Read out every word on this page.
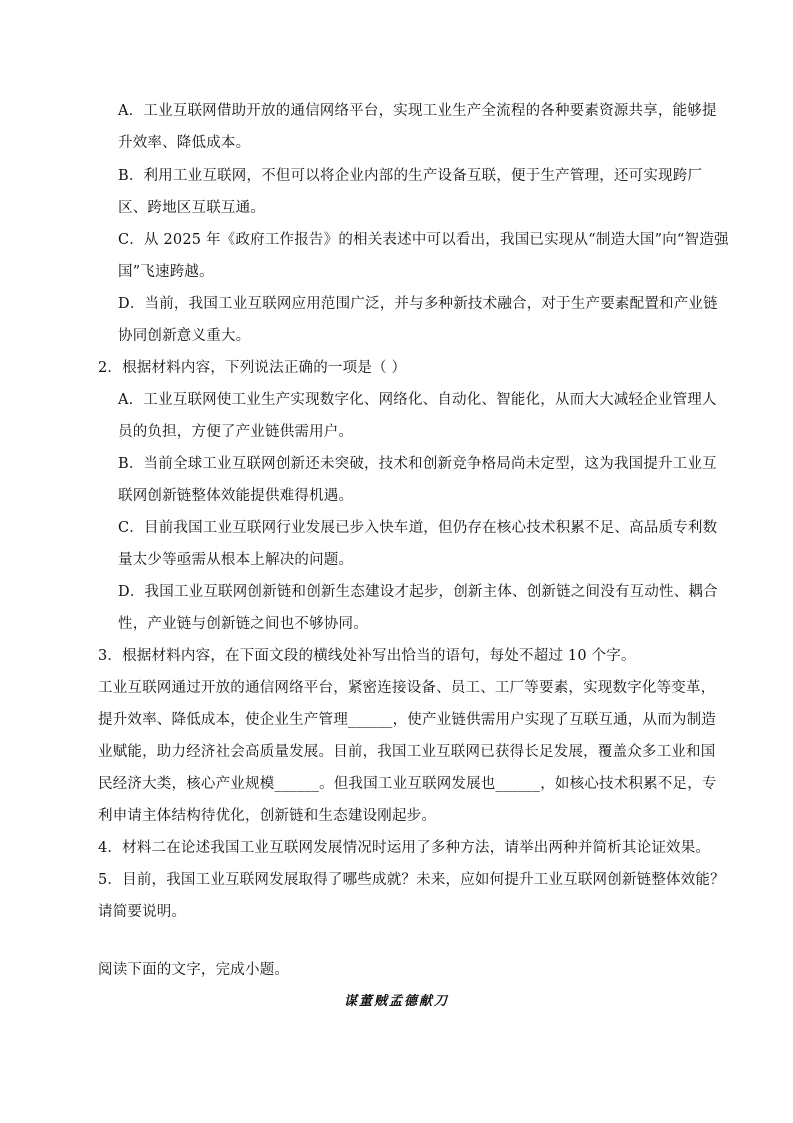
A．工业互联网借助开放的通信网络平台，实现工业生产全流程的各种要素资源共享，能够提
升效率、降低成本。
B．利用工业互联网，不但可以将企业内部的生产设备互联，便于生产管理，还可实现跨厂
区、跨地区互联互通。
C．从 2025 年《政府工作报告》的相关表述中可以看出，我国已实现从“制造大国”向“智造强
国”飞速跨越。
D．当前，我国工业互联网应用范围广泛，并与多种新技术融合，对于生产要素配置和产业链
协同创新意义重大。
2．根据材料内容，下列说法正确的一项是（ ）
A．工业互联网使工业生产实现数字化、网络化、自动化、智能化，从而大大减轻企业管理人
员的负担，方便了产业链供需用户。
B．当前全球工业互联网创新还未突破，技术和创新竞争格局尚未定型，这为我国提升工业互
联网创新链整体效能提供难得机遇。
C．目前我国工业互联网行业发展已步入快车道，但仍存在核心技术积累不足、高品质专利数
量太少等亟需从根本上解决的问题。
D．我国工业互联网创新链和创新生态建设才起步，创新主体、创新链之间没有互动性、耦合
性，产业链与创新链之间也不够协同。
3．根据材料内容，在下面文段的横线处补写出恰当的语句，每处不超过 10 个字。
工业互联网通过开放的通信网络平台，紧密连接设备、员工、工厂等要素，实现数字化等变革，
提升效率、降低成本，使企业生产管理______，使产业链供需用户实现了互联互通，从而为制造
业赋能，助力经济社会高质量发展。目前，我国工业互联网已获得长足发展，覆盖众多工业和国
民经济大类，核心产业规模______。但我国工业互联网发展也______，如核心技术积累不足，专
利申请主体结构待优化，创新链和生态建设刚起步。
4．材料二在论述我国工业互联网发展情况时运用了多种方法，请举出两种并简析其论证效果。
5．目前，我国工业互联网发展取得了哪些成就？未来，应如何提升工业互联网创新链整体效能？
请简要说明。
阅读下面的文字，完成小题。
谋董贼孟德献刀
